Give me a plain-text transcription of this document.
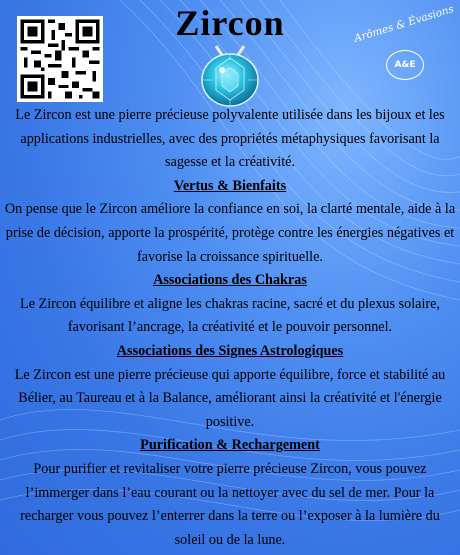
Zircon	Arômes & Évasions
A&E

Le Zircon est une pierre précieuse polyvalente utilisée dans les bijoux et les applications industrielles, avec des propriétés métaphysiques favorisant la sagesse et la créativité.

Vertus & Bienfaits

On pense que le Zircon améliore la confiance en soi, la clarté mentale, aide à la prise de décision, apporte la prospérité, protège contre les énergies négatives et favorise la croissance spirituelle.

Associations des Chakras

Le Zircon équilibre et aligne les chakras racine, sacré et du plexus solaire, favorisant l’ancrage, la créativité et le pouvoir personnel.

Associations des Signes Astrologiques

Le Zircon est une pierre précieuse qui apporte équilibre, force et stabilité au Bélier, au Taureau et à la Balance, améliorant ainsi la créativité et l'énergie positive.

Purification & Rechargement

Pour purifier et revitaliser votre pierre précieuse Zircon, vous pouvez l’immerger dans l’eau courant ou la nettoyer avec du sel de mer. Pour la recharger vous pouvez l’enterrer dans la terre ou l’exposer à la lumière du soleil ou de la lune.
